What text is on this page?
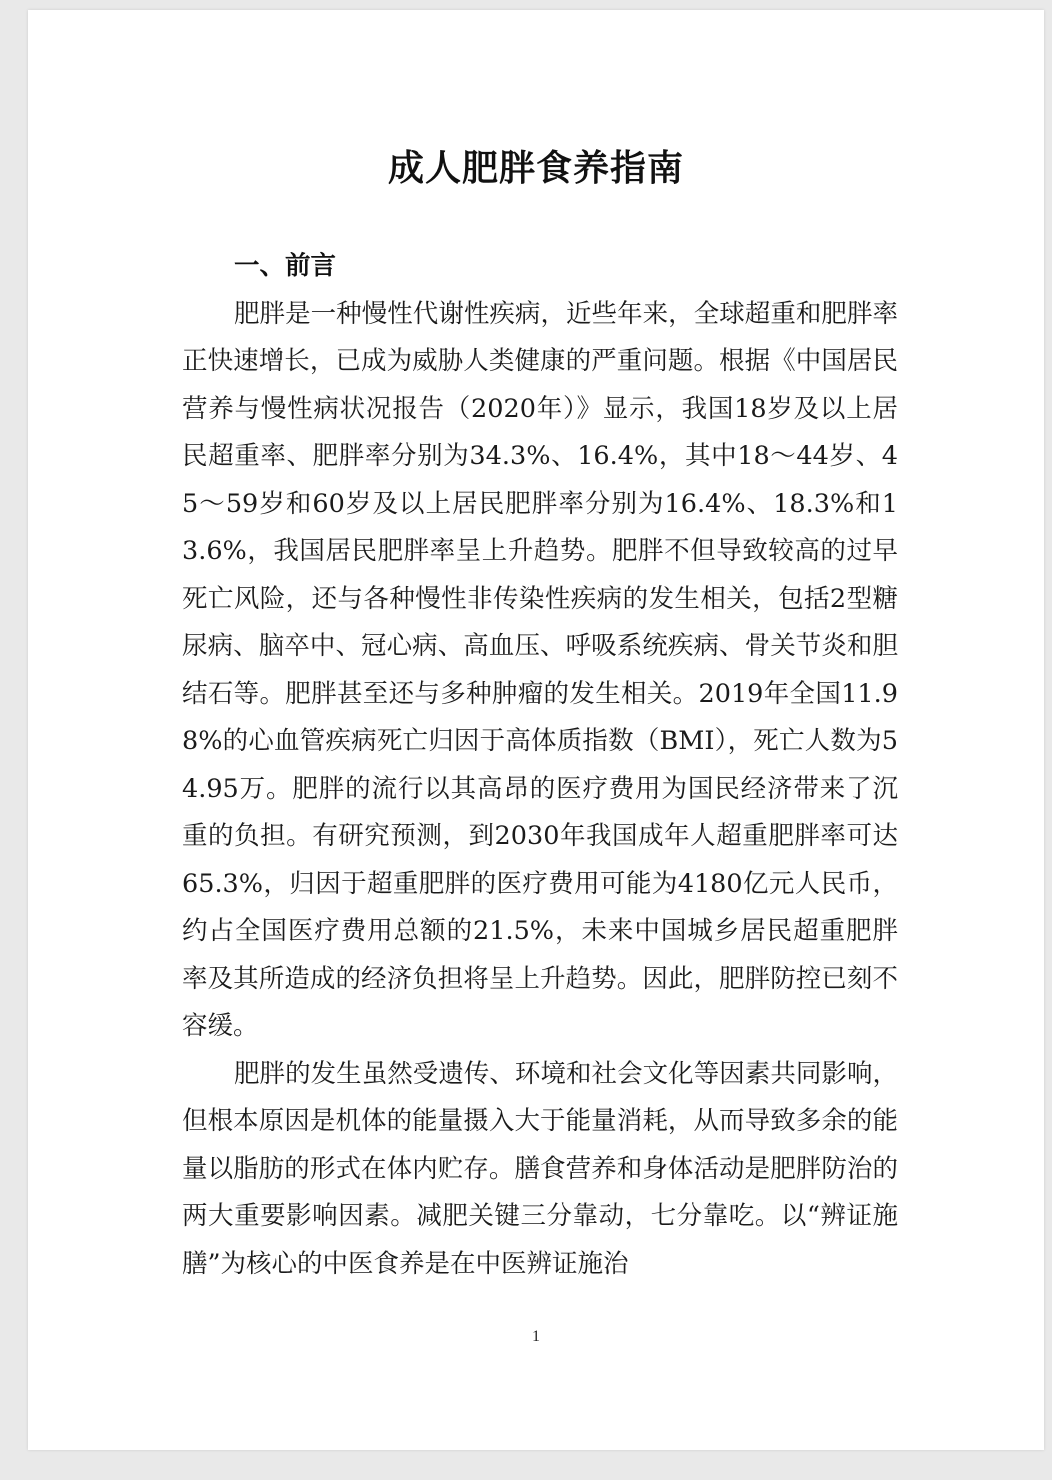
成人肥胖食养指南
一、前言

肥胖是一种慢性代谢性疾病，近些年来，全球超重和肥胖率正快速增长，已成为威胁人类健康的严重问题。根据《中国居民营养与慢性病状况报告（2020年）》显示，我国18岁及以上居民超重率、肥胖率分别为34.3%、16.4%，其中18～44岁、45～59岁和60岁及以上居民肥胖率分别为16.4%、18.3%和13.6%，我国居民肥胖率呈上升趋势。肥胖不但导致较高的过早死亡风险，还与各种慢性非传染性疾病的发生相关，包括2型糖尿病、脑卒中、冠心病、高血压、呼吸系统疾病、骨关节炎和胆结石等。肥胖甚至还与多种肿瘤的发生相关。2019年全国11.98%的心血管疾病死亡归因于高体质指数（BMI），死亡人数为54.95万。肥胖的流行以其高昂的医疗费用为国民经济带来了沉重的负担。有研究预测，到2030年我国成年人超重肥胖率可达65.3%，归因于超重肥胖的医疗费用可能为4180亿元人民币，约占全国医疗费用总额的21.5%，未来中国城乡居民超重肥胖率及其所造成的经济负担将呈上升趋势。因此，肥胖防控已刻不容缓。

肥胖的发生虽然受遗传、环境和社会文化等因素共同影响，但根本原因是机体的能量摄入大于能量消耗，从而导致多余的能量以脂肪的形式在体内贮存。膳食营养和身体活动是肥胖防治的两大重要影响因素。减肥关键三分靠动，七分靠吃。以“辨证施膳”为核心的中医食养是在中医辨证施治

1
